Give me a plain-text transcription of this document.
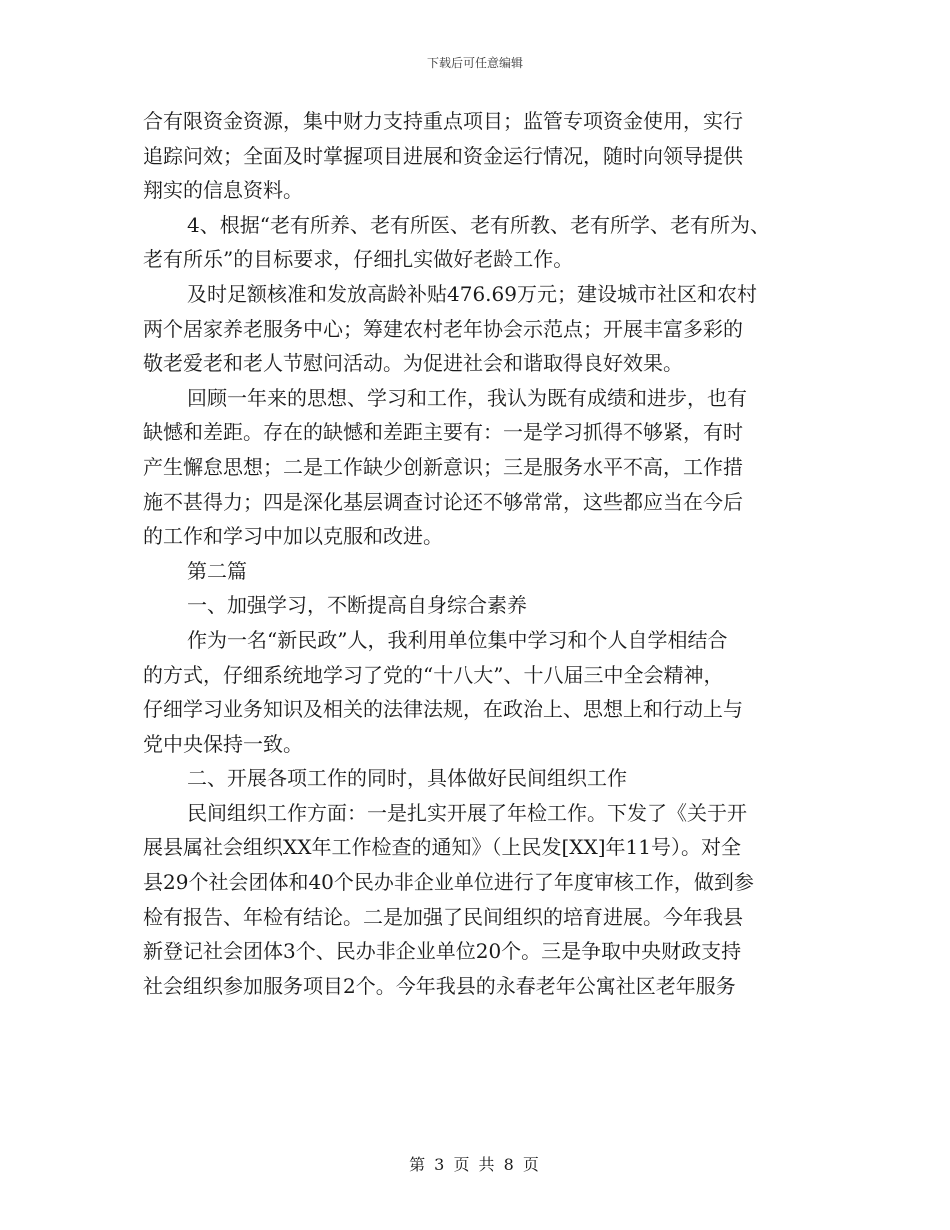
下载后可任意编辑
合有限资金资源，集中财力支持重点项目；监管专项资金使用，实行
追踪问效；全面及时掌握项目进展和资金运行情况，随时向领导提供
翔实的信息资料。
4、根据“老有所养、老有所医、老有所教、老有所学、老有所为、
老有所乐”的目标要求，仔细扎实做好老龄工作。
及时足额核准和发放高龄补贴476.69万元；建设城市社区和农村
两个居家养老服务中心；筹建农村老年协会示范点；开展丰富多彩的
敬老爱老和老人节慰问活动。为促进社会和谐取得良好效果。
回顾一年来的思想、学习和工作，我认为既有成绩和进步，也有
缺憾和差距。存在的缺憾和差距主要有：一是学习抓得不够紧，有时
产生懈怠思想；二是工作缺少创新意识；三是服务水平不高，工作措
施不甚得力；四是深化基层调查讨论还不够常常，这些都应当在今后
的工作和学习中加以克服和改进。
第二篇
一、加强学习，不断提高自身综合素养
作为一名“新民政”人，我利用单位集中学习和个人自学相结合
的方式，仔细系统地学习了党的“十八大”、十八届三中全会精神，
仔细学习业务知识及相关的法律法规，在政治上、思想上和行动上与
党中央保持一致。
二、开展各项工作的同时，具体做好民间组织工作
民间组织工作方面：一是扎实开展了年检工作。下发了《关于开
展县属社会组织XX年工作检查的通知》（上民发[XX]年11号）。对全
县29个社会团体和40个民办非企业单位进行了年度审核工作，做到参
检有报告、年检有结论。二是加强了民间组织的培育进展。今年我县
新登记社会团体3个、民办非企业单位20个。三是争取中央财政支持
社会组织参加服务项目2个。今年我县的永春老年公寓社区老年服务
第 3 页 共 8 页
